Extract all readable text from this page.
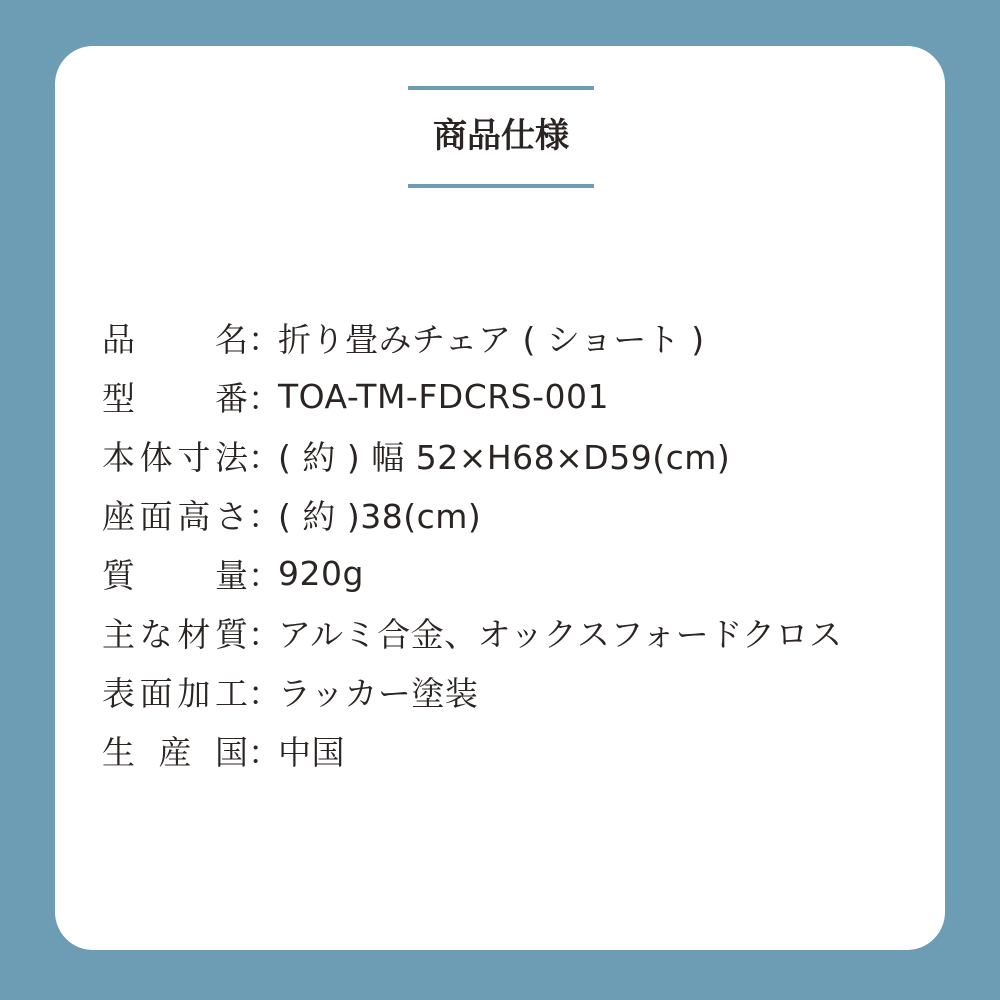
商品仕様
品 名 ：
折り畳みチェア ( ショート )
型 番 ：
TOA-TM-FDCRS-001
本 体 寸 法 ：
( 約 ) 幅 52×H68×D59(cm)
座 面 高 さ ：
( 約 )38(cm)
質 量 ：
920g
主 な 材 質 ：
アルミ合金、オックスフォードクロス
表 面 加 工 ：
ラッカー塗装
生 産 国 ：
中国
